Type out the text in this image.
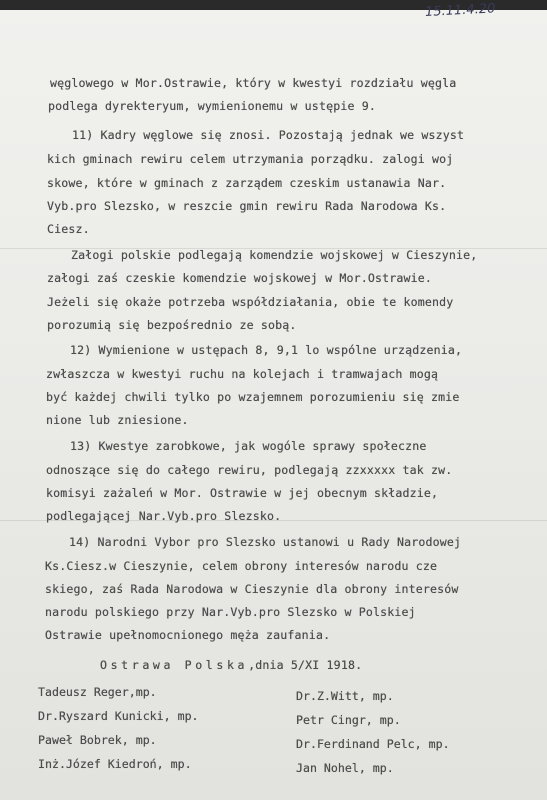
15.11.4.20
węglowego w Mor.Ostrawie, który w kwestyi rozdziału węgla
podlega dyrekteryum, wymienionemu w ustępie 9.
11) Kadry węglowe się znosi. Pozostają jednak we wszyst
kich gminach rewiru celem utrzymania porządku. zalogi woj
skowe, które w gminach z zarządem czeskim ustanawia Nar.
Vyb.pro Slezsko, w reszcie gmin rewiru Rada Narodowa Ks.
Ciesz.
Załogi polskie podlegają komendzie wojskowej w Cieszynie,
załogi zaś czeskie komendzie wojskowej w Mor.Ostrawie.
Jeżeli się okaże potrzeba współdziałania, obie te komendy
porozumią się bezpośrednio ze sobą.
12) Wymienione w ustępach 8, 9,1 lo wspólne urządzenia,
zwłaszcza w kwestyi ruchu na kolejach i tramwajach mogą
być każdej chwili tylko po wzajemnem porozumieniu się zmie
nione lub zniesione.
13) Kwestye zarobkowe, jak wogóle sprawy społeczne
odnoszące się do całego rewiru, podlegają zzxxxxx tak zw.
komisyi zażaleń w Mor. Ostrawie w jej obecnym składzie,
podlegającej Nar.Vyb.pro Slezsko.
14) Narodni Vybor pro Slezsko ustanowi u Rady Narodowej
Ks.Ciesz.w Cieszynie, celem obrony interesów narodu cze
skiego, zaś Rada Narodowa w Cieszynie dla obrony interesów
narodu polskiego przy Nar.Vyb.pro Slezsko w Polskiej
Ostrawie upełnomocnionego męża zaufania.
Ostrawa Polska,dnia 5/XI 1918.
Tadeusz Reger,mp.
Dr.Ryszard Kunicki, mp.
Paweł Bobrek, mp.
Inż.Józef Kiedroń, mp.
Dr.Z.Witt, mp.
Petr Cingr, mp.
Dr.Ferdinand Pelc, mp.
Jan Nohel, mp.
